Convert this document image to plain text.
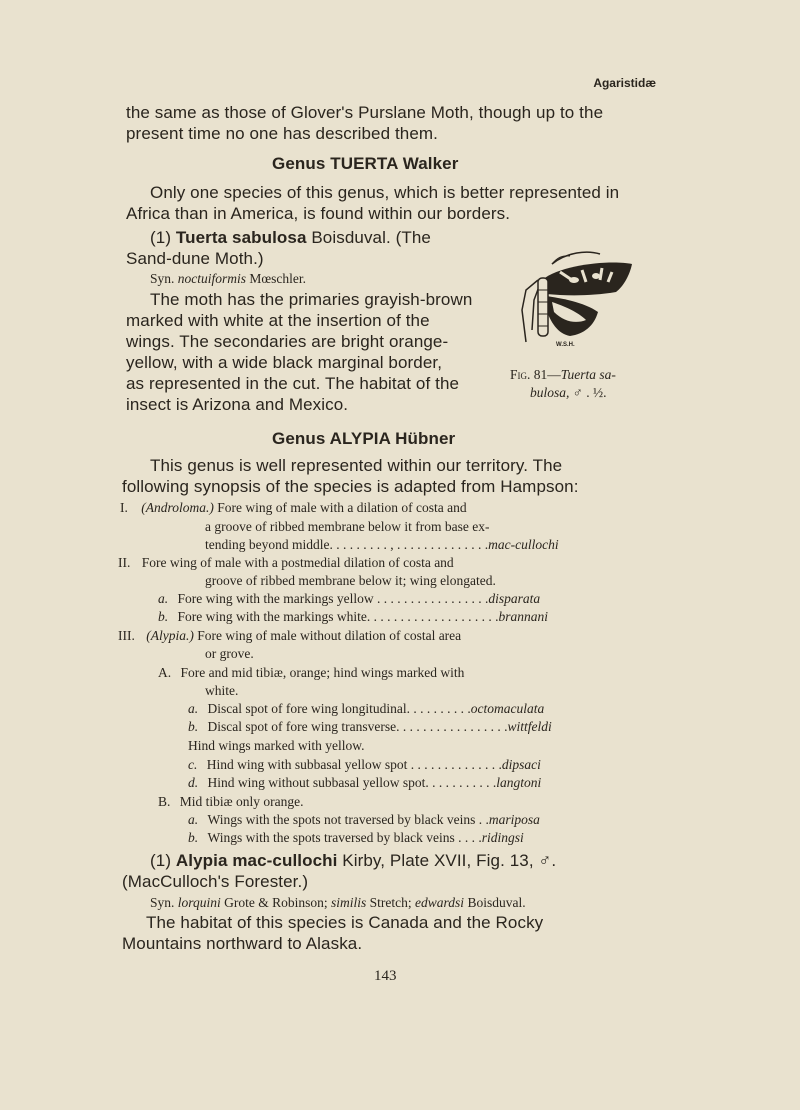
Agaristidæ
the same as those of Glover's Purslane Moth, though up to the
present time no one has described them.
Genus TUERTA Walker
Only one species of this genus, which is better represented in
Africa than in America, is found within our borders.
(1) Tuerta sabulosa Boisduval. (The
Sand-dune Moth.)
Syn. noctuiformis Mœschler.
The moth has the primaries grayish-brown
marked with white at the insertion of the
wings. The secondaries are bright orange-
yellow, with a wide black marginal border,
as represented in the cut. The habitat of the
insect is Arizona and Mexico.
W.S.H.
Fig. 81—Tuerta sa-
bulosa, ♂ . ½.
Genus ALYPIA Hübner
This genus is well represented within our territory. The
following synopsis of the species is adapted from Hampson:
I. (Androloma.) Fore wing of male with a dilation of costa and
a groove of ribbed membrane below it from base ex-
tending beyond middle. . . . . . . . . , . . . . . . . . . . . . . .mac-cullochi
II. Fore wing of male with a postmedial dilation of costa and
groove of ribbed membrane below it; wing elongated.
a. Fore wing with the markings yellow . . . . . . . . . . . . . . . . .disparata
b. Fore wing with the markings white. . . . . . . . . . . . . . . . . . . .brannani
III. (Alypia.) Fore wing of male without dilation of costal area
or grove.
A. Fore and mid tibiæ, orange; hind wings marked with
white.
a. Discal spot of fore wing longitudinal. . . . . . . . . .octomaculata
b. Discal spot of fore wing transverse. . . . . . . . . . . . . . . . .wittfeldi
Hind wings marked with yellow.
c. Hind wing with subbasal yellow spot . . . . . . . . . . . . . .dipsaci
d. Hind wing without subbasal yellow spot. . . . . . . . . . .langtoni
B. Mid tibiæ only orange.
a. Wings with the spots not traversed by black veins . .mariposa
b. Wings with the spots traversed by black veins . . . .ridingsi
(1) Alypia mac-cullochi Kirby, Plate XVII, Fig. 13, ♂.
(MacCulloch's Forester.)
Syn. lorquini Grote & Robinson; similis Stretch; edwardsi Boisduval.
The habitat of this species is Canada and the Rocky
Mountains northward to Alaska.
143
